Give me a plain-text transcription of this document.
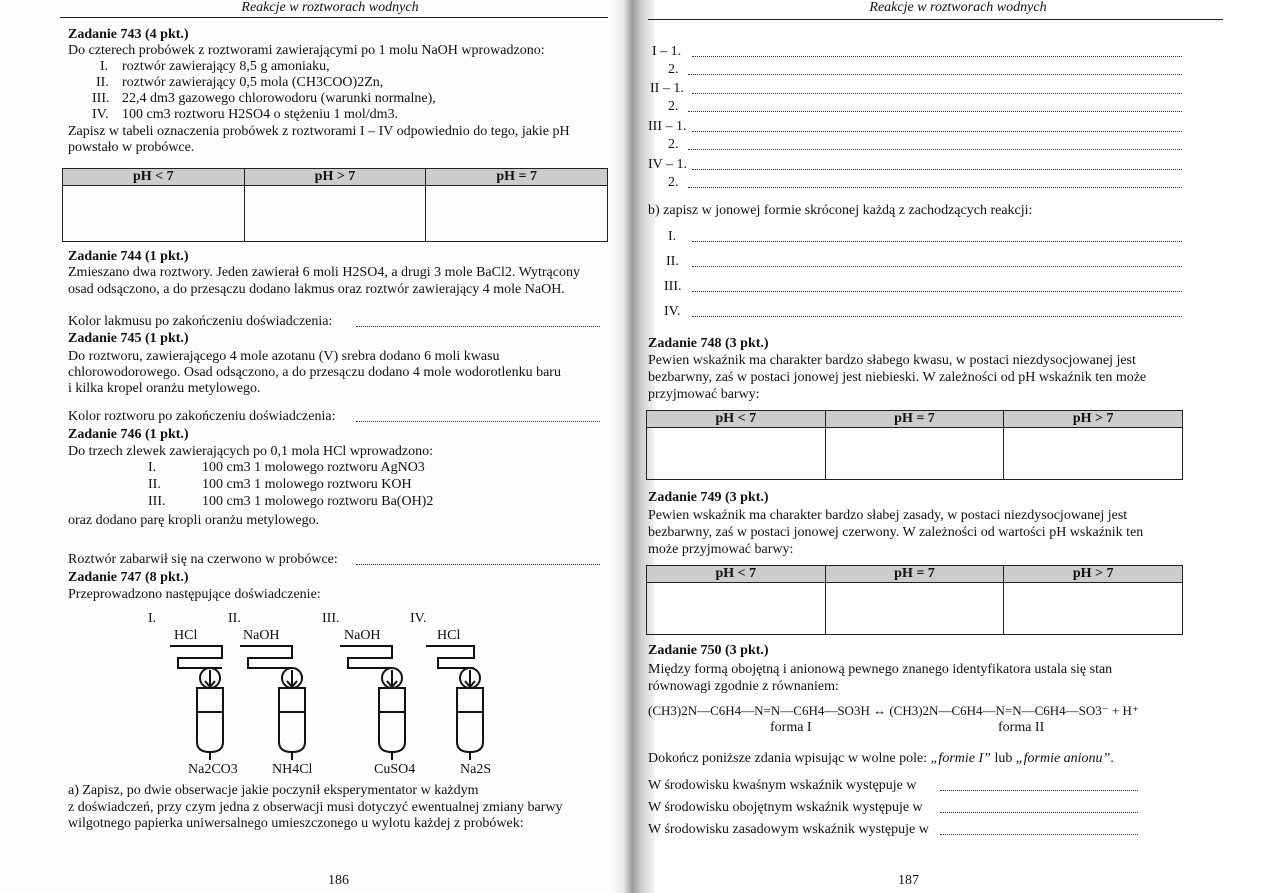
Reakcje w roztworach wodnych
Zadanie 743 (4 pkt.)
Do czterech probówek z roztworami zawierającymi po 1 molu NaOH wprowadzono:
I. roztwór zawierający 8,5 g amoniaku,
II. roztwór zawierający 0,5 mola (CH3COO)2Zn,
III. 22,4 dm3 gazowego chlorowodoru (warunki normalne),
IV. 100 cm3 roztworu H2SO4 o stężeniu 1 mol/dm3.
Zapisz w tabeli oznaczenia probówek z roztworami I – IV odpowiednio do tego, jakie pH
powstało w probówce.
pH < 7	pH > 7	pH = 7

Zadanie 744 (1 pkt.)
Zmieszano dwa roztwory. Jeden zawierał 6 moli H2SO4, a drugi 3 mole BaCl2. Wytrącony
osad odsączono, a do przesączu dodano lakmus oraz roztwór zawierający 4 mole NaOH.
Kolor lakmusu po zakończeniu doświadczenia:
Zadanie 745 (1 pkt.)
Do roztworu, zawierającego 4 mole azotanu (V) srebra dodano 6 moli kwasu
chlorowodorowego. Osad odsączono, a do przesączu dodano 4 mole wodorotlenku baru
i kilka kropel oranżu metylowego.
Kolor roztworu po zakończeniu doświadczenia:
Zadanie 746 (1 pkt.)
Do trzech zlewek zawierających po 0,1 mola HCl wprowadzono:
I.	100 cm3 1 molowego roztworu AgNO3
II.	100 cm3 1 molowego roztworu KOH
III.	100 cm3 1 molowego roztworu Ba(OH)2
oraz dodano parę kropli oranżu metylowego.
Roztwór zabarwił się na czerwono w probówce:
Zadanie 747 (8 pkt.)
Przeprowadzono następujące doświadczenie:
I.	II.	III.	IV.
HCl	NaOH	NaOH	HCl
Na2CO3 NH4Cl	CuSO4	Na2S
a) Zapisz, po dwie obserwacje jakie poczynił eksperymentator w każdym
z doświadczeń, przy czym jedna z obserwacji musi dotyczyć ewentualnej zmiany barwy
wilgotnego papierka uniwersalnego umieszczonego u wylotu każdej z probówek:
186
Reakcje w roztworach wodnych
I – 1.
2.
II – 1.
2.
III – 1.
2.
IV – 1.
2.
b) zapisz w jonowej formie skróconej każdą z zachodzących reakcji:
I.
II.
III.
IV.
Zadanie 748 (3 pkt.)
Pewien wskaźnik ma charakter bardzo słabego kwasu, w postaci niezdysocjowanej jest
bezbarwny, zaś w postaci jonowej jest niebieski. W zależności od pH wskaźnik ten może
przyjmować barwy:
pH < 7	pH = 7	pH > 7

Zadanie 749 (3 pkt.)
Pewien wskaźnik ma charakter bardzo słabej zasady, w postaci niezdysocjowanej jest
bezbarwny, zaś w postaci jonowej czerwony. W zależności od wartości pH wskaźnik ten
może przyjmować barwy:
pH < 7	pH = 7	pH > 7

Zadanie 750 (3 pkt.)
Między formą obojętną i anionową pewnego znanego identyfikatora ustala się stan
równowagi zgodnie z równaniem:
(CH3)2N—C6H4—N=N—C6H4—SO3H ↔ (CH3)2N—C6H4—N=N—C6H4—SO3⁻ + H⁺
forma I	forma II
Dokończ poniższe zdania wpisując w wolne pole: „formie I” lub „formie anionu”.
W środowisku kwaśnym wskaźnik występuje w
W środowisku obojętnym wskaźnik występuje w
W środowisku zasadowym wskaźnik występuje w
187
